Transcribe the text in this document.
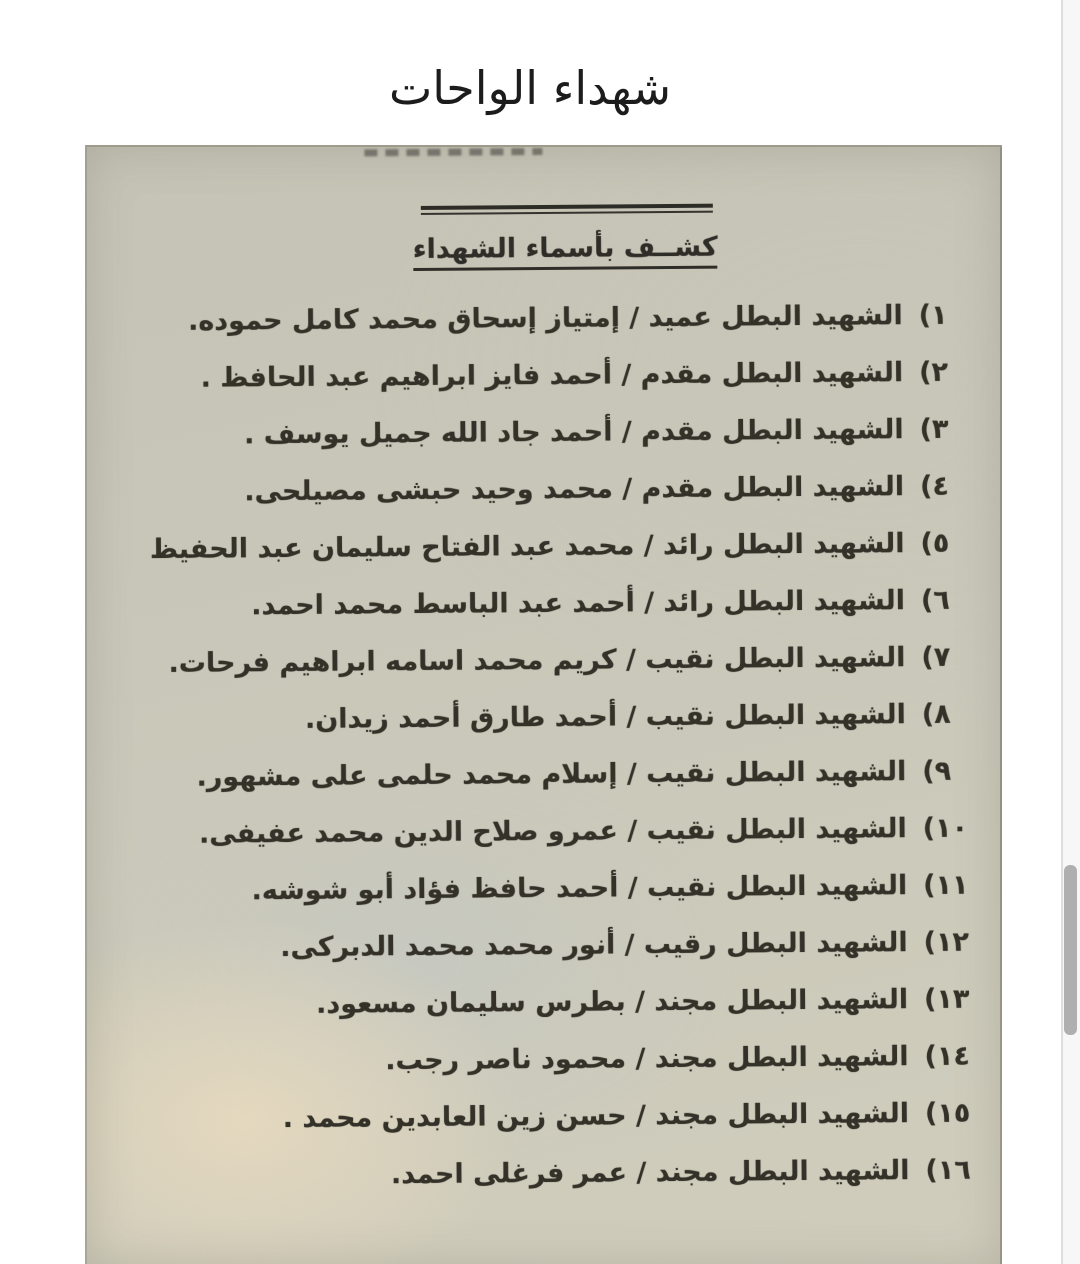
شهداء الواحات
كشــف بأسماء الشهداء
١)
الشهيد البطل عميد / إمتياز إسحاق محمد كامل حموده.
٢)
الشهيد البطل مقدم / أحمد فايز ابراهيم عبد الحافظ .
٣)
الشهيد البطل مقدم / أحمد جاد الله جميل يوسف .
٤)
الشهيد البطل مقدم / محمد وحيد حبشى مصيلحى.
٥)
الشهيد البطل رائد / محمد عبد الفتاح سليمان عبد الحفيظ
٦)
الشهيد البطل رائد / أحمد عبد الباسط محمد احمد.
٧)
الشهيد البطل نقيب / كريم محمد اسامه ابراهيم فرحات.
٨)
الشهيد البطل نقيب / أحمد طارق أحمد زيدان.
٩)
الشهيد البطل نقيب / إسلام محمد حلمى على مشهور.
١٠)
الشهيد البطل نقيب / عمرو صلاح الدين محمد عفيفى.
١١)
الشهيد البطل نقيب / أحمد حافظ فؤاد أبو شوشه.
١٢)
الشهيد البطل رقيب / أنور محمد محمد الدبركى.
١٣)
الشهيد البطل مجند / بطرس سليمان مسعود.
١٤)
الشهيد البطل مجند / محمود ناصر رجب.
١٥)
الشهيد البطل مجند / حسن زين العابدين محمد .
١٦)
الشهيد البطل مجند / عمر فرغلى احمد.
